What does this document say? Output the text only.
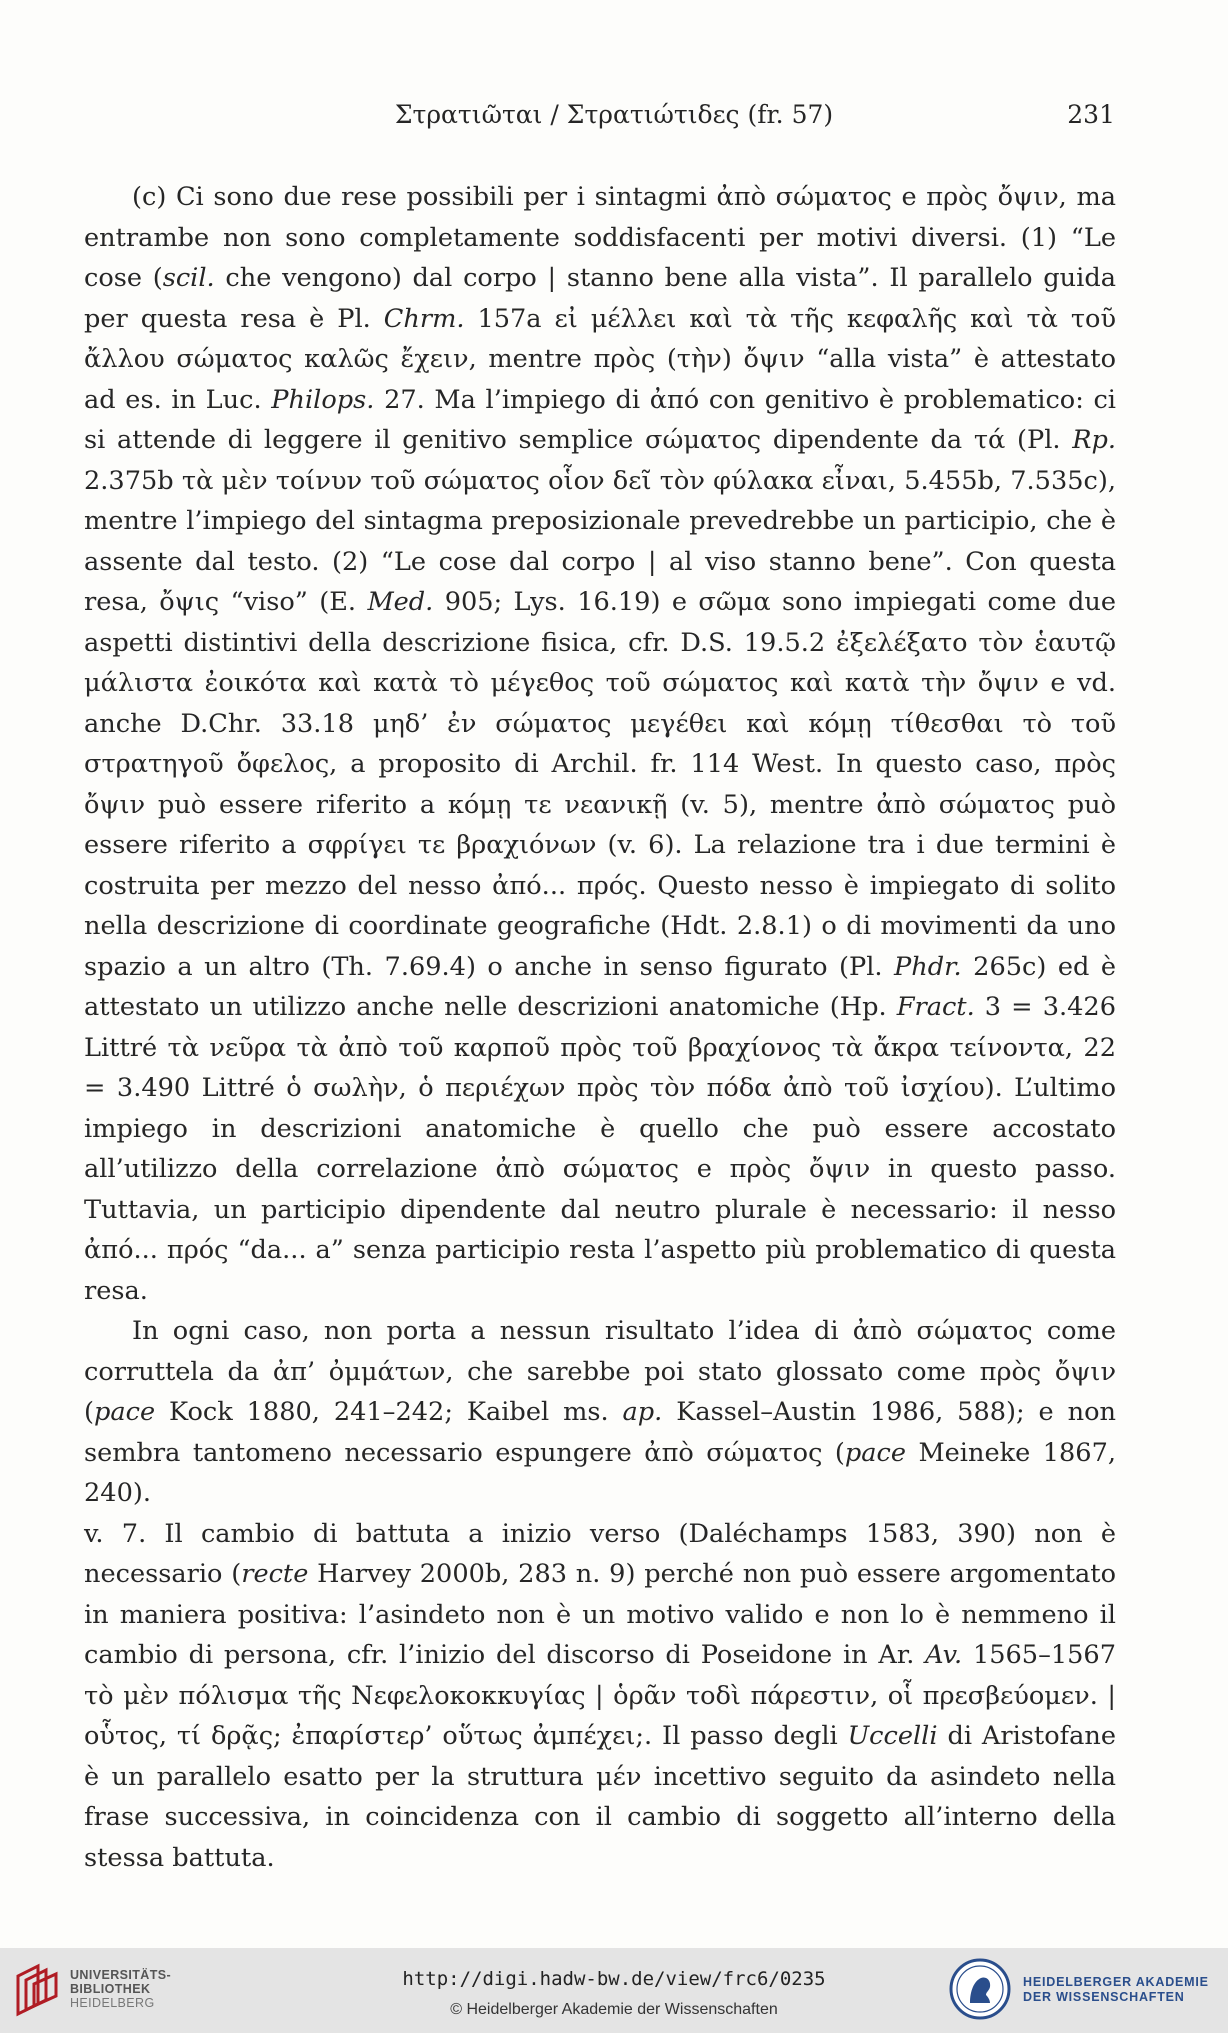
Στρατιῶται / Στρατιώτιδες (fr. 57)	231

(c) Ci sono due rese possibili per i sintagmi ἀπὸ σώματος e πρὸς ὄψιν, ma entrambe non sono completamente soddisfacenti per motivi diversi. (1) “Le cose (scil. che vengono) dal corpo | stanno bene alla vista”. Il parallelo guida per questa resa è Pl. Chrm. 157a εἰ μέλλει καὶ τὰ τῆς κεφαλῆς καὶ τὰ τοῦ ἄλλου σώματος καλῶς ἔχειν, mentre πρὸς (τὴν) ὄψιν “alla vista” è attestato ad es. in Luc. Philops. 27. Ma l’impiego di ἀπό con genitivo è problematico: ci si attende di leggere il genitivo semplice σώματος dipendente da τά (Pl. Rp. 2.375b τὰ μὲν τοίνυν τοῦ σώματος οἷον δεῖ τὸν φύλακα εἶναι, 5.455b, 7.535c), mentre l’impiego del sintagma preposizionale prevedrebbe un participio, che è assente dal testo. (2) “Le cose dal corpo | al viso stanno bene”. Con questa resa, ὄψις “viso” (E. Med. 905; Lys. 16.19) e σῶμα sono impiegati come due aspetti distintivi della descrizione fisica, cfr. D.S. 19.5.2 ἐξελέξατο τὸν ἑαυτῷ μάλιστα ἐοικότα καὶ κατὰ τὸ μέγεθος τοῦ σώματος καὶ κατὰ τὴν ὄψιν e vd. anche D.Chr. 33.18 μηδ’ ἐν σώματος μεγέθει καὶ κόμῃ τίθεσθαι τὸ τοῦ στρατηγοῦ ὄφελος, a proposito di Archil. fr. 114 West. In questo caso, πρὸς ὄψιν può essere riferito a κόμῃ τε νεανικῇ (v. 5), mentre ἀπὸ σώματος può essere riferito a σφρίγει τε βραχιόνων (v. 6). La relazione tra i due termini è costruita per mezzo del nesso ἀπό... πρός. Questo nesso è impiegato di solito nella descrizione di coordinate geografiche (Hdt. 2.8.1) o di movimenti da uno spazio a un altro (Th. 7.69.4) o anche in senso figurato (Pl. Phdr. 265c) ed è attestato un utilizzo anche nelle descrizioni anatomiche (Hp. Fract. 3 = 3.426 Littré τὰ νεῦρα τὰ ἀπὸ τοῦ καρποῦ πρὸς τοῦ βραχίονος τὰ ἄκρα τείνοντα, 22 = 3.490 Littré ὁ σωλὴν, ὁ περιέχων πρὸς τὸν πόδα ἀπὸ τοῦ ἰσχίου). L’ultimo impiego in descrizioni anatomiche è quello che può essere accostato all’utilizzo della correlazione ἀπὸ σώματος e πρὸς ὄψιν in questo passo. Tuttavia, un participio dipendente dal neutro plurale è necessario: il nesso ἀπό... πρός “da... a” senza participio resta l’aspetto più problematico di questa resa.

In ogni caso, non porta a nessun risultato l’idea di ἀπὸ σώματος come corruttela da ἀπ’ ὀμμάτων, che sarebbe poi stato glossato come πρὸς ὄψιν (pace Kock 1880, 241–242; Kaibel ms. ap. Kassel–Austin 1986, 588); e non sembra tantomeno necessario espungere ἀπὸ σώματος (pace Meineke 1867, 240).

v. 7. Il cambio di battuta a inizio verso (Daléchamps 1583, 390) non è necessario (recte Harvey 2000b, 283 n. 9) perché non può essere argomentato in maniera positiva: l’asindeto non è un motivo valido e non lo è nemmeno il cambio di persona, cfr. l’inizio del discorso di Poseidone in Ar. Av. 1565–1567 τὸ μὲν πόλισμα τῆς Νεφελοκοκκυγίας | ὁρᾶν τοδὶ πάρεστιν, οἷ πρεσβεύομεν. | οὗτος, τί δρᾷς; ἐπαρίστερ’ οὕτως ἀμπέχει;. Il passo degli Uccelli di Aristofane è un parallelo esatto per la struttura μέν incettivo seguito da asindeto nella frase successiva, in coincidenza con il cambio di soggetto all’interno della stessa battuta.

UNIVERSITÄTS-
BIBLIOTHEK
HEIDELBERG
http://digi.hadw-bw.de/view/frc6/0235
© Heidelberger Akademie der Wissenschaften
HEIDELBERGER AKADEMIE
DER WISSENSCHAFTEN
